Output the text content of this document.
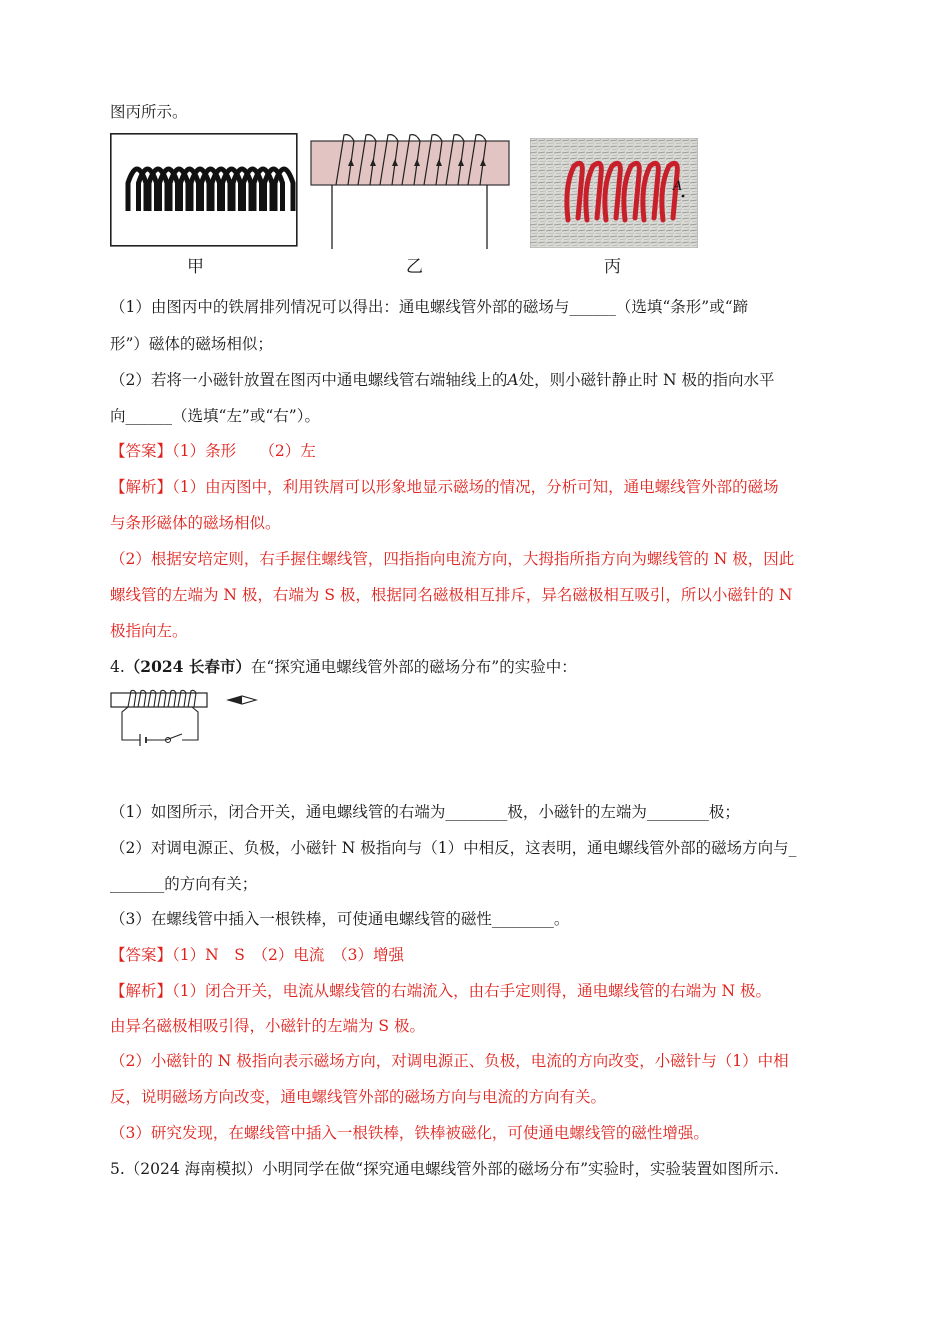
图丙所示。
A
甲	乙	丙
（1）由图丙中的铁屑排列情况可以得出：通电螺线管外部的磁场与______（选填“条形”或“蹄
形”）磁体的磁场相似；
（2）若将一小磁针放置在图丙中通电螺线管右端轴线上的A处，则小磁针静止时 N 极的指向水平
向______（选填“左”或“右”）。
【答案】（1）条形　　（2）左
【解析】（1）由丙图中，利用铁屑可以形象地显示磁场的情况，分析可知，通电螺线管外部的磁场
与条形磁体的磁场相似。
（2）根据安培定则，右手握住螺线管，四指指向电流方向，大拇指所指方向为螺线管的 N 极，因此
螺线管的左端为 N 极，右端为 S 极，根据同名磁极相互排斥，异名磁极相互吸引，所以小磁针的 N
极指向左。
4.（2024 长春市）在“探究通电螺线管外部的磁场分布”的实验中：
（1）如图所示，闭合开关，通电螺线管的右端为________极，小磁针的左端为________极；
（2）对调电源正、负极，小磁针 N 极指向与（1）中相反，这表明，通电螺线管外部的磁场方向与_
_______的方向有关；
（3）在螺线管中插入一根铁棒，可使通电螺线管的磁性________。
【答案】（1）N　S　（2）电流　（3）增强
【解析】（1）闭合开关，电流从螺线管的右端流入，由右手定则得，通电螺线管的右端为 N 极。
由异名磁极相吸引得，小磁针的左端为 S 极。
（2）小磁针的 N 极指向表示磁场方向，对调电源正、负极，电流的方向改变，小磁针与（1）中相
反，说明磁场方向改变，通电螺线管外部的磁场方向与电流的方向有关。
（3）研究发现，在螺线管中插入一根铁棒，铁棒被磁化，可使通电螺线管的磁性增强。
5.（2024 海南模拟）小明同学在做“探究通电螺线管外部的磁场分布”实验时，实验装置如图所示.
